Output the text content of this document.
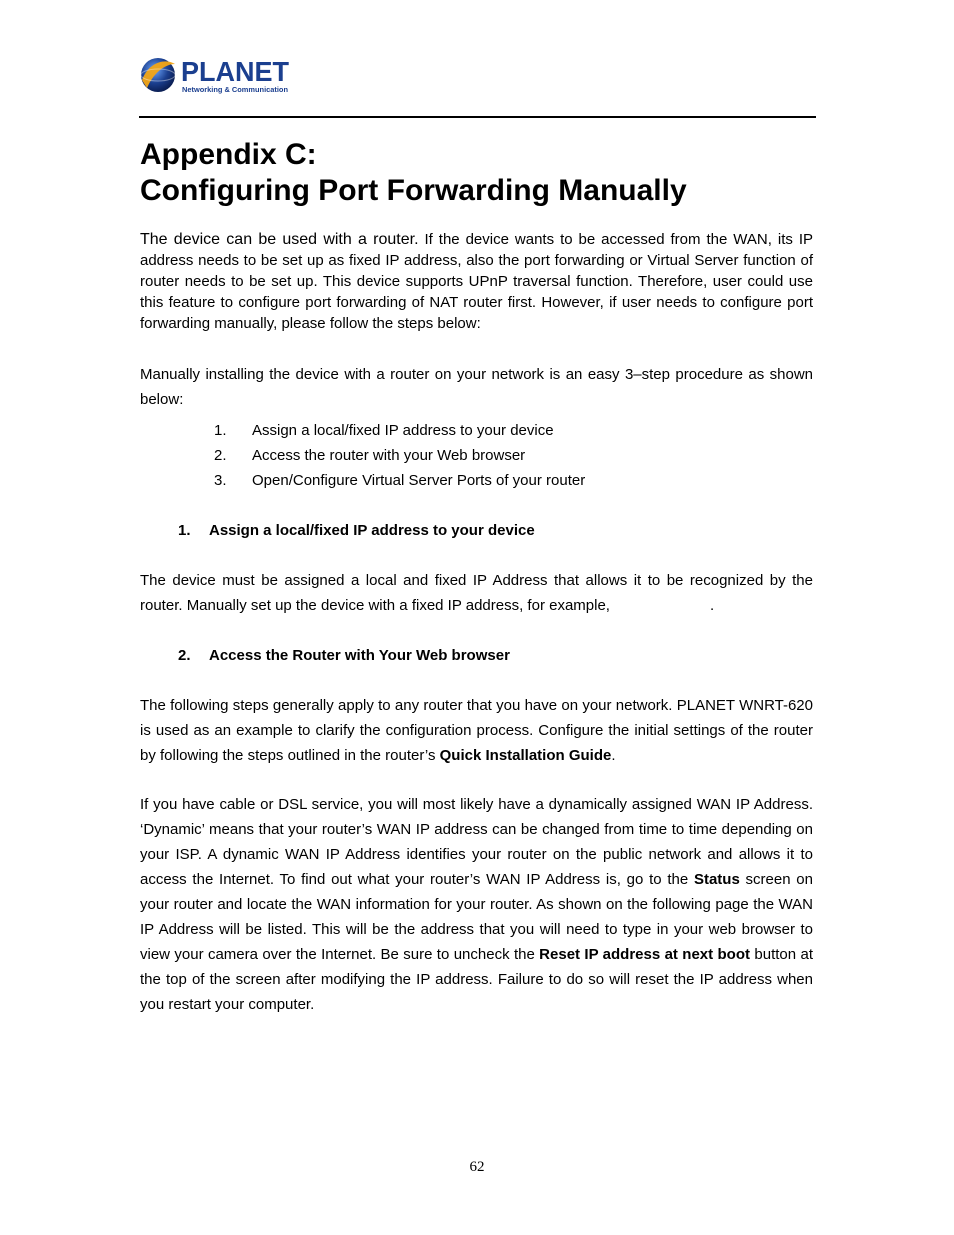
PLANET
Networking & Communication
Appendix C:
Configuring Port Forwarding Manually

The device can be used with a router. If the device wants to be accessed from the WAN, its IP address needs to be set up as fixed IP address, also the port forwarding or Virtual Server function of router needs to be set up. This device supports UPnP traversal function. Therefore, user could use this feature to configure port forwarding of NAT router first. However, if user needs to configure port forwarding manually, please follow the steps below:

Manually installing the device with a router on your network is an easy 3–step procedure as shown below:

1.	Assign a local/fixed IP address to your device
2.	Access the router with your Web browser
3.	Open/Configure Virtual Server Ports of your router
1.	Assign a local/fixed IP address to your device

The device must be assigned a local and fixed IP Address that allows it to be recognized by the router. Manually set up the device with a fixed IP address, for example,                        .

2.	Access the Router with Your Web browser

The following steps generally apply to any router that you have on your network. PLANET WNRT-620 is used as an example to clarify the configuration process. Configure the initial settings of the router by following the steps outlined in the router’s Quick Installation Guide.

If you have cable or DSL service, you will most likely have a dynamically assigned WAN IP Address. ‘Dynamic’ means that your router’s WAN IP address can be changed from time to time depending on your ISP. A dynamic WAN IP Address identifies your router on the public network and allows it to access the Internet. To find out what your router’s WAN IP Address is, go to the Status screen on your router and locate the WAN information for your router. As shown on the following page the WAN IP Address will be listed. This will be the address that you will need to type in your web browser to view your camera over the Internet. Be sure to uncheck the Reset IP address at next boot button at the top of the screen after modifying the IP address. Failure to do so will reset the IP address when you restart your computer.

62
